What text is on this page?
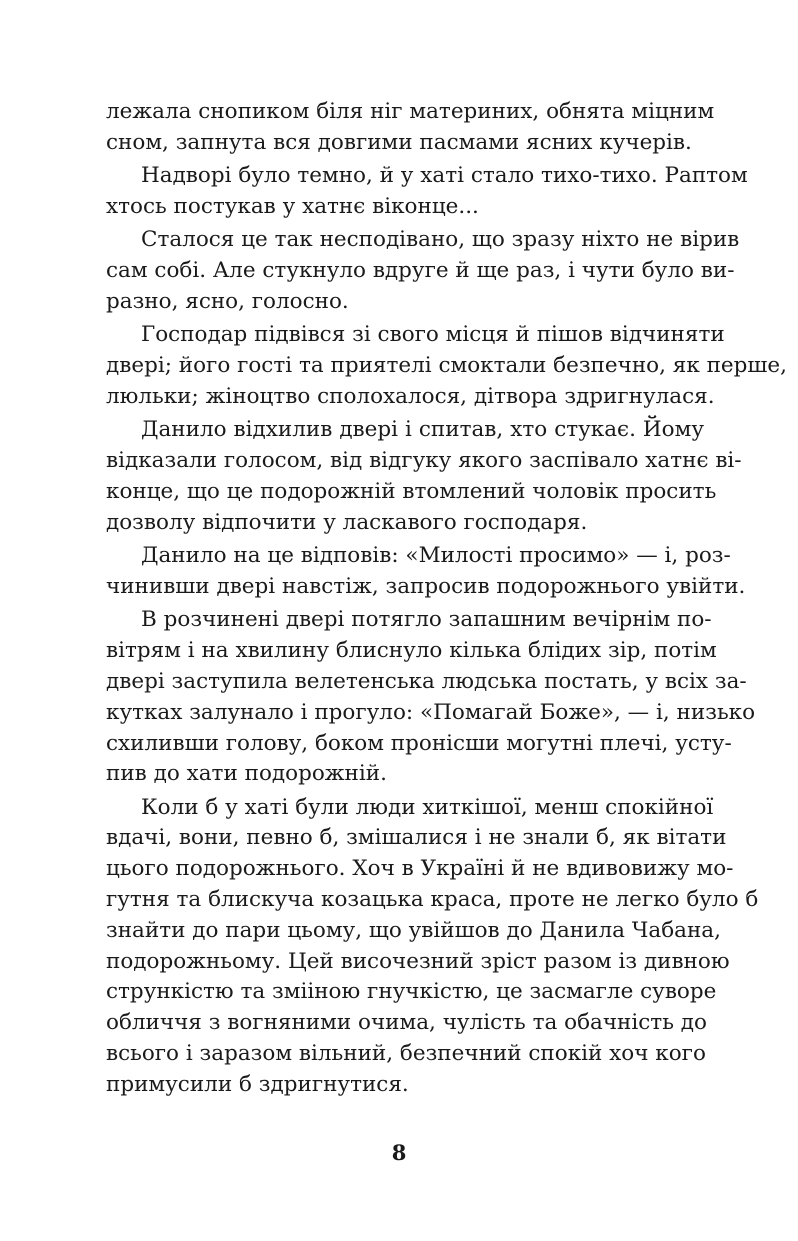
лежала снопиком біля ніг материних, обнята міцним
сном, запнута вся довгими пасмами ясних кучерів.
Надворі було темно, й у хаті стало тихо-тихо. Раптом
хтось постукав у хатнє віконце...
Сталося це так несподівано, що зразу ніхто не вірив
сам собі. Але стукнуло вдруге й ще раз, і чути було ви-
разно, ясно, голосно.
Господар підвівся зі свого місця й пішов відчиняти
двері; його гості та приятелі смоктали безпечно, як перше,
люльки; жіноцтво сполохалося, дітвора здригнулася.
Данило відхилив двері і спитав, хто стукає. Йому
відказали голосом, від відгуку якого заспівало хатнє ві-
конце, що це подорожній втомлений чоловік просить
дозволу відпочити у ласкавого господаря.
Данило на це відповів: «Милості просимо» — і, роз-
чинивши двері навстіж, запросив подорожнього увійти.
В розчинені двері потягло запашним вечірнім по-
вітрям і на хвилину блиснуло кілька блідих зір, потім
двері заступила велетенська людська постать, у всіх за-
кутках залунало і прогуло: «Помагай Боже», — і, низько
схиливши голову, боком пронісши могутні плечі, усту-
пив до хати подорожній.
Коли б у хаті були люди хиткішої, менш спокійної
вдачі, вони, певно б, змішалися і не знали б, як вітати
цього подорожнього. Хоч в Україні й не вдивовижу мо-
гутня та блискуча козацька краса, проте не легко було б
знайти до пари цьому, що увійшов до Данила Чабана,
подорожньому. Цей височезний зріст разом із дивною
стрункістю та змііною гнучкістю, це засмагле суворе
обличчя з вогняними очима, чулість та обачність до
всього і заразом вільний, безпечний спокій хоч кого
примусили б здригнутися.
8
